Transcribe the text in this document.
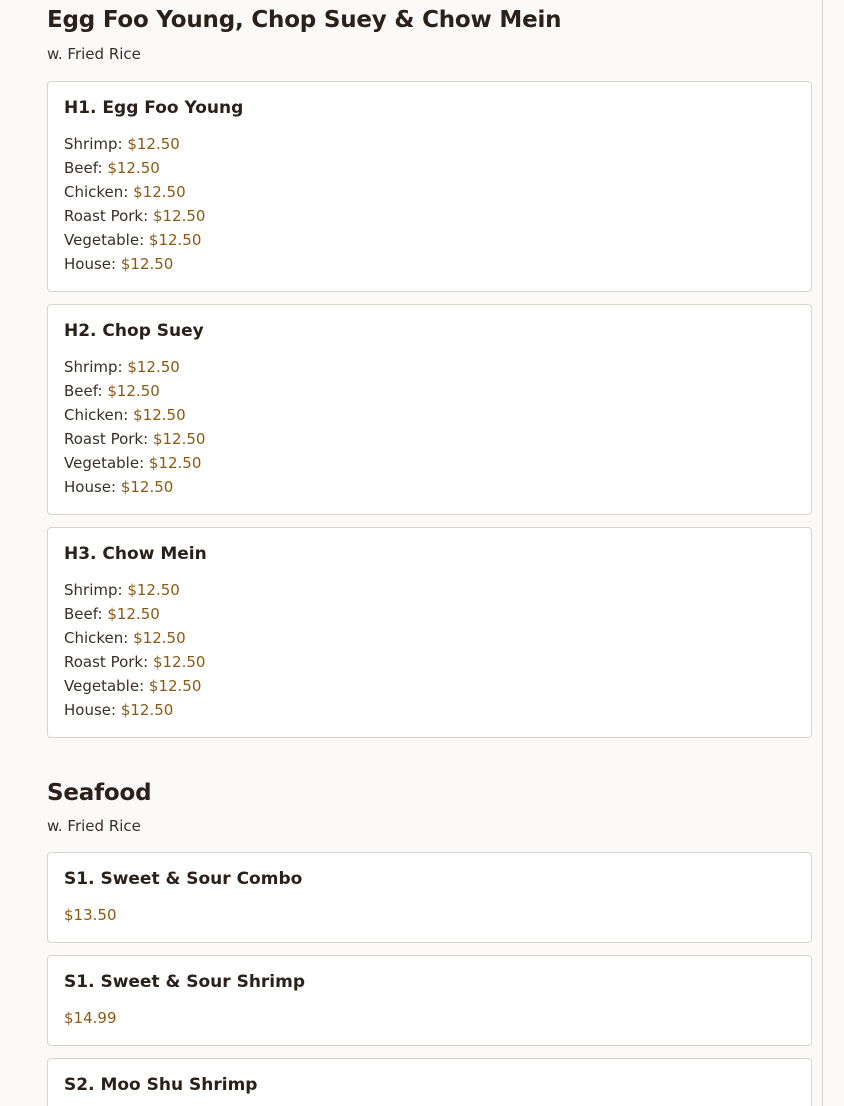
Egg Foo Young, Chop Suey & Chow Mein

w. Fried Rice

H1. Egg Foo Young
Shrimp: $12.50
Beef: $12.50
Chicken: $12.50
Roast Pork: $12.50
Vegetable: $12.50
House: $12.50
H2. Chop Suey
Shrimp: $12.50
Beef: $12.50
Chicken: $12.50
Roast Pork: $12.50
Vegetable: $12.50
House: $12.50
H3. Chow Mein
Shrimp: $12.50
Beef: $12.50
Chicken: $12.50
Roast Pork: $12.50
Vegetable: $12.50
House: $12.50
Seafood

w. Fried Rice

S1. Sweet & Sour Combo
$13.50
S1. Sweet & Sour Shrimp
$14.99
S2. Moo Shu Shrimp
